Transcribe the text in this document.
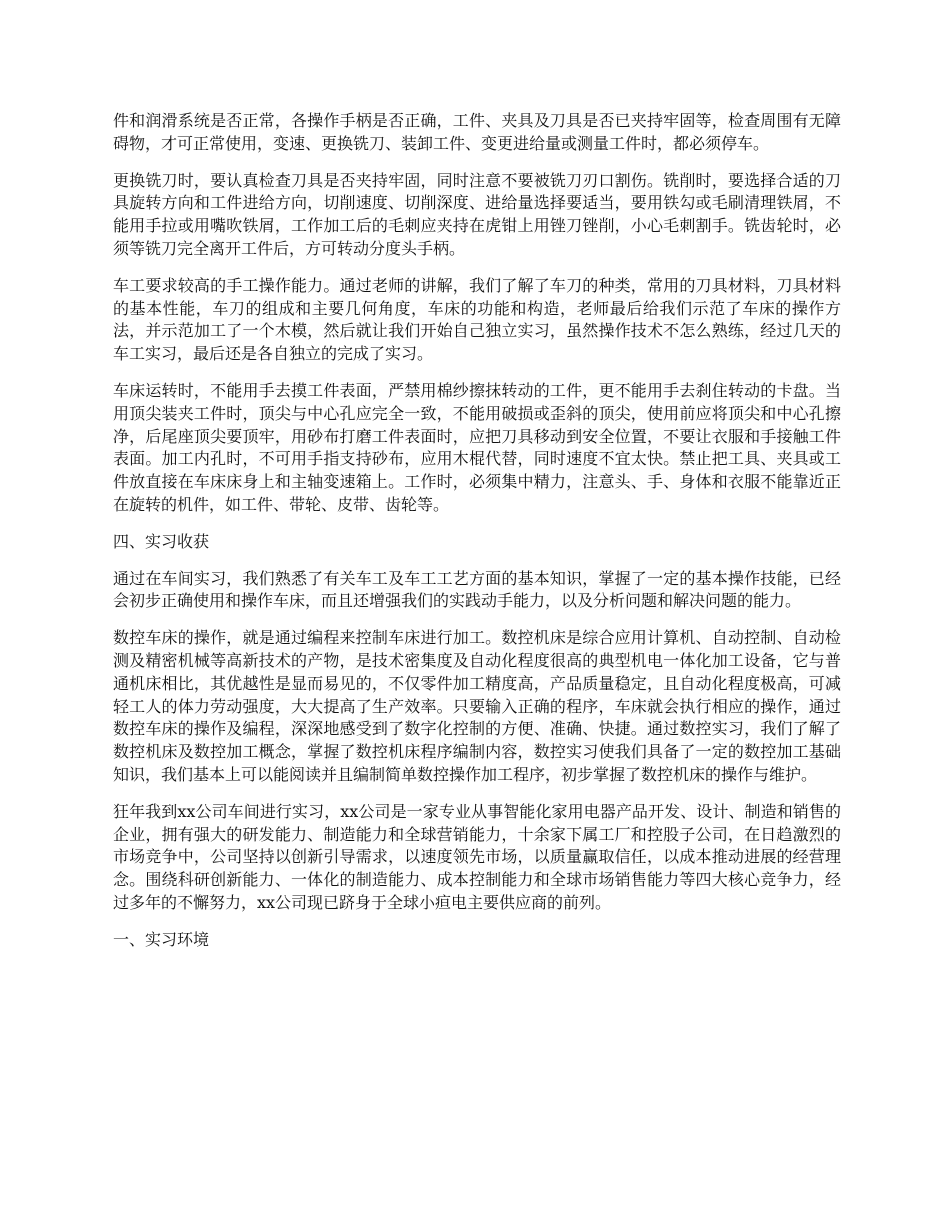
件和润滑系统是否正常，各操作手柄是否正确，工件、夹具及刀具是否已夹持牢固等，检查周围有无障碍物，才可正常使用，变速、更换铣刀、装卸工件、变更进给量或测量工件时，都必须停车。

更换铣刀时，要认真检查刀具是否夹持牢固，同时注意不要被铣刀刃口割伤。铣削时，要选择合适的刀具旋转方向和工件进给方向，切削速度、切削深度、进给量选择要适当，要用铁勾或毛刷清理铁屑，不能用手拉或用嘴吹铁屑，工作加工后的毛刺应夹持在虎钳上用锉刀锉削，小心毛刺割手。铣齿轮时，必须等铣刀完全离开工件后，方可转动分度头手柄。

车工要求较高的手工操作能力。通过老师的讲解，我们了解了车刀的种类，常用的刀具材料，刀具材料的基本性能，车刀的组成和主要几何角度，车床的功能和构造，老师最后给我们示范了车床的操作方法，并示范加工了一个木模，然后就让我们开始自己独立实习，虽然操作技术不怎么熟练，经过几天的车工实习，最后还是各自独立的完成了实习。

车床运转时，不能用手去摸工件表面，严禁用棉纱擦抹转动的工件，更不能用手去刹住转动的卡盘。当用顶尖装夹工件时，顶尖与中心孔应完全一致，不能用破损或歪斜的顶尖，使用前应将顶尖和中心孔擦净，后尾座顶尖要顶牢，用砂布打磨工件表面时，应把刀具移动到安全位置，不要让衣服和手接触工件表面。加工内孔时，不可用手指支持砂布，应用木棍代替，同时速度不宜太快。禁止把工具、夹具或工件放直接在车床床身上和主轴变速箱上。工作时，必须集中精力，注意头、手、身体和衣服不能靠近正在旋转的机件，如工件、带轮、皮带、齿轮等。

四、实习收获

通过在车间实习，我们熟悉了有关车工及车工工艺方面的基本知识，掌握了一定的基本操作技能，已经会初步正确使用和操作车床，而且还增强我们的实践动手能力，以及分析问题和解决问题的能力。

数控车床的操作，就是通过编程来控制车床进行加工。数控机床是综合应用计算机、自动控制、自动检测及精密机械等高新技术的产物，是技术密集度及自动化程度很高的典型机电一体化加工设备，它与普通机床相比，其优越性是显而易见的，不仅零件加工精度高，产品质量稳定，且自动化程度极高，可减轻工人的体力劳动强度，大大提高了生产效率。只要输入正确的程序，车床就会执行相应的操作，通过数控车床的操作及编程，深深地感受到了数字化控制的方便、准确、快捷。通过数控实习，我们了解了数控机床及数控加工概念，掌握了数控机床程序编制内容，数控实习使我们具备了一定的数控加工基础知识，我们基本上可以能阅读并且编制简单数控操作加工程序，初步掌握了数控机床的操作与维护。

狂年我到xx公司车间进行实习，xx公司是一家专业从事智能化家用电器产品开发、设计、制造和销售的企业，拥有强大的研发能力、制造能力和全球营销能力，十余家下属工厂和控股子公司，在日趋激烈的市场竞争中，公司坚持以创新引导需求，以速度领先市场，以质量赢取信任，以成本推动进展的经营理念。围绕科研创新能力、一体化的制造能力、成本控制能力和全球市场销售能力等四大核心竞争力，经过多年的不懈努力，xx公司现已跻身于全球小疸电主要供应商的前列。

一、实习环境
